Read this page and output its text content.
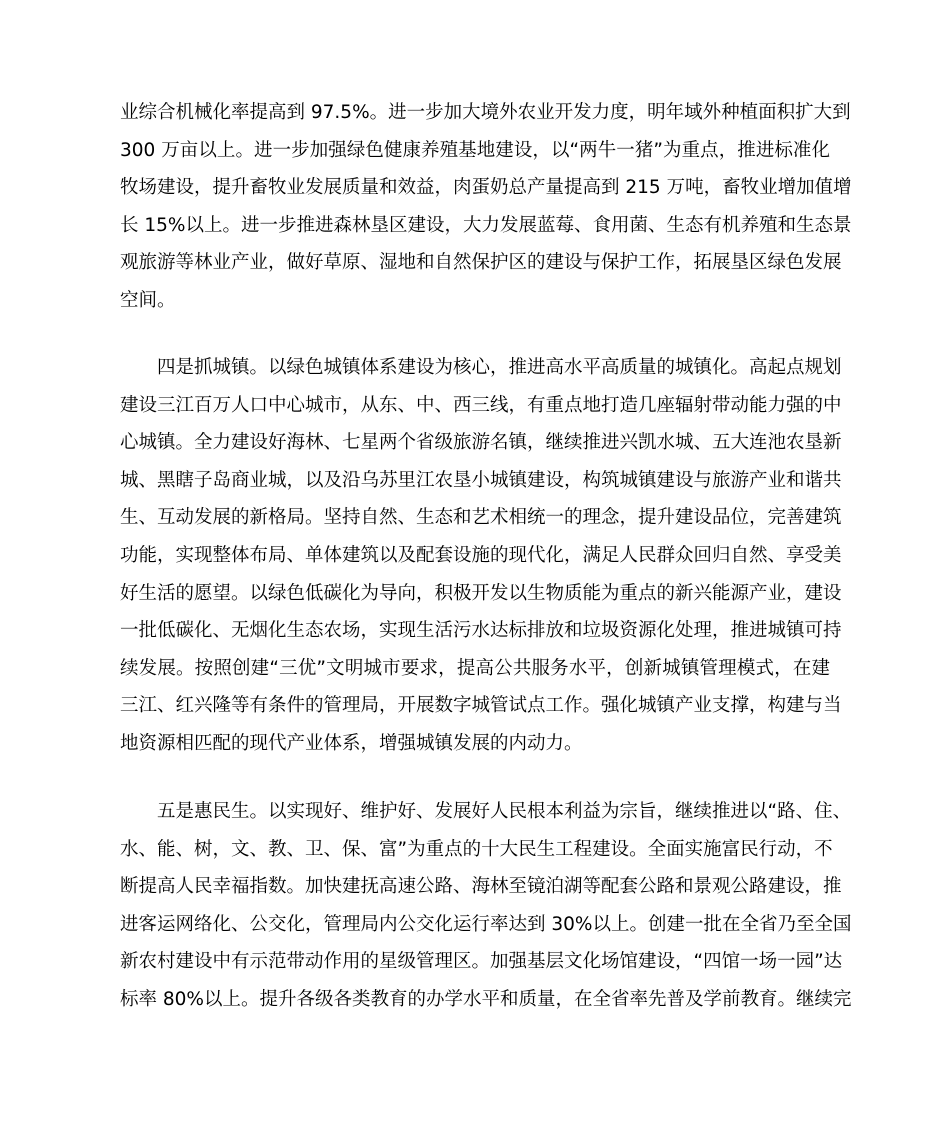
业综合机械化率提高到 97.5%。进一步加大境外农业开发力度，明年域外种植面积扩大到
300 万亩以上。进一步加强绿色健康养殖基地建设，以“两牛一猪”为重点，推进标准化
牧场建设，提升畜牧业发展质量和效益，肉蛋奶总产量提高到 215 万吨，畜牧业增加值增
长 15%以上。进一步推进森林垦区建设，大力发展蓝莓、食用菌、生态有机养殖和生态景
观旅游等林业产业，做好草原、湿地和自然保护区的建设与保护工作，拓展垦区绿色发展
空间。
四是抓城镇。以绿色城镇体系建设为核心，推进高水平高质量的城镇化。高起点规划
建设三江百万人口中心城市，从东、中、西三线，有重点地打造几座辐射带动能力强的中
心城镇。全力建设好海林、七星两个省级旅游名镇，继续推进兴凯水城、五大连池农垦新
城、黑瞎子岛商业城，以及沿乌苏里江农垦小城镇建设，构筑城镇建设与旅游产业和谐共
生、互动发展的新格局。坚持自然、生态和艺术相统一的理念，提升建设品位，完善建筑
功能，实现整体布局、单体建筑以及配套设施的现代化，满足人民群众回归自然、享受美
好生活的愿望。以绿色低碳化为导向，积极开发以生物质能为重点的新兴能源产业，建设
一批低碳化、无烟化生态农场，实现生活污水达标排放和垃圾资源化处理，推进城镇可持
续发展。按照创建“三优”文明城市要求，提高公共服务水平，创新城镇管理模式，在建
三江、红兴隆等有条件的管理局，开展数字城管试点工作。强化城镇产业支撑，构建与当
地资源相匹配的现代产业体系，增强城镇发展的内动力。
五是惠民生。以实现好、维护好、发展好人民根本利益为宗旨，继续推进以“路、住、
水、能、树，文、教、卫、保、富”为重点的十大民生工程建设。全面实施富民行动，不
断提高人民幸福指数。加快建抚高速公路、海林至镜泊湖等配套公路和景观公路建设，推
进客运网络化、公交化，管理局内公交化运行率达到 30%以上。创建一批在全省乃至全国
新农村建设中有示范带动作用的星级管理区。加强基层文化场馆建设，“四馆一场一园”达
标率 80%以上。提升各级各类教育的办学水平和质量，在全省率先普及学前教育。继续完
